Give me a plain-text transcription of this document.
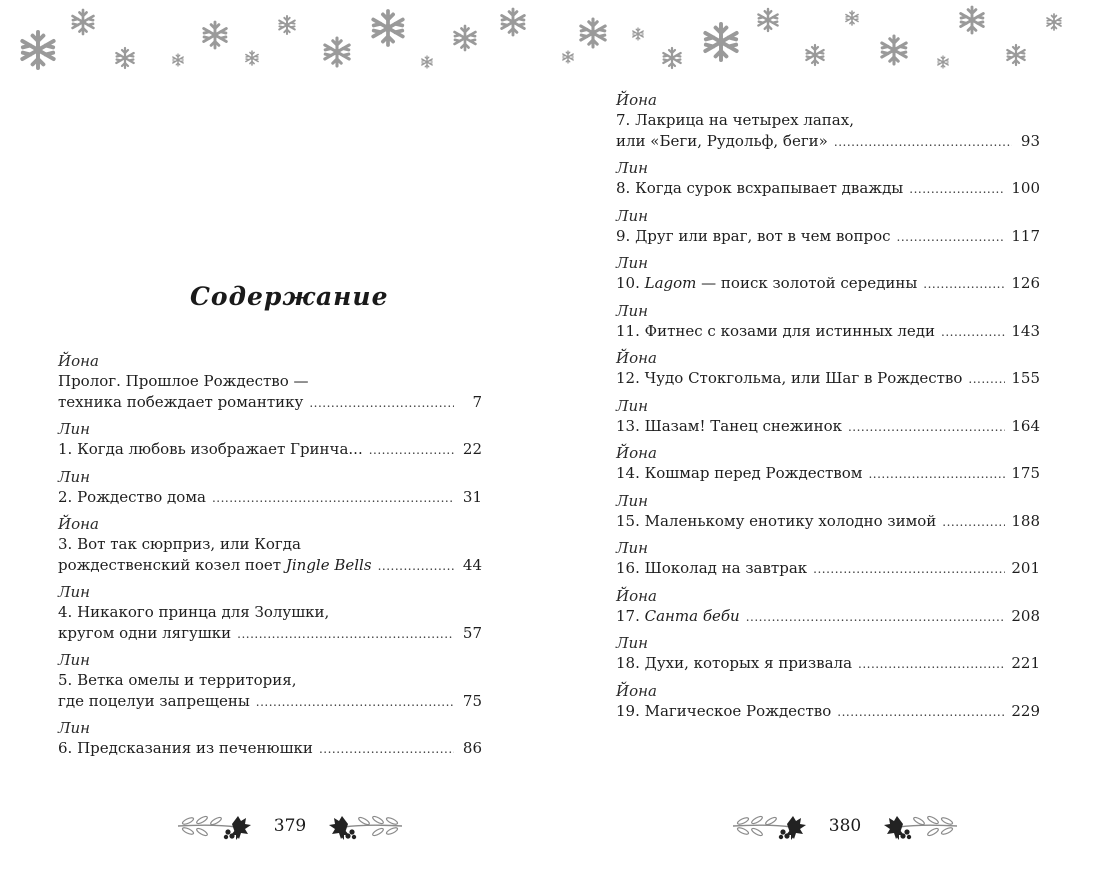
Содержание
Йона
Пролог. Прошлое Рождество —
техника побеждает романтику .....	7
Лин
1. Когда любовь изображает Гринча... .....	22
Лин
2. Рождество дома .....	31
Йона
3. Вот так сюрприз, или Когда
рождественский козел поет Jingle Bells .....	44
Лин
4. Никакого принца для Золушки,
кругом одни лягушки .....	57
Лин
5. Ветка омелы и территория,
где поцелуи запрещены .....	75
Лин
6. Предсказания из печенюшки .....	86
379
Йона
7. Лакрица на четырех лапах,
или «Беги, Рудольф, беги» .....	93
Лин
8. Когда сурок всхрапывает дважды .....	100
Лин
9. Друг или враг, вот в чем вопрос .....	117
Лин
10. Lagom — поиск золотой середины .....	126
Лин
11. Фитнес с козами для истинных леди .....	143
Йона
12. Чудо Стокгольма, или Шаг в Рождество .....	155
Лин
13. Шазам! Танец снежинок .....	164
Йона
14. Кошмар перед Рождеством .....	175
Лин
15. Маленькому енотику холодно зимой .....	188
Лин
16. Шоколад на завтрак .....	201
Йона
17. Санта беби .....	208
Лин
18. Духи, которых я призвала .....	221
Йона
19. Магическое Рождество .....	229
380
